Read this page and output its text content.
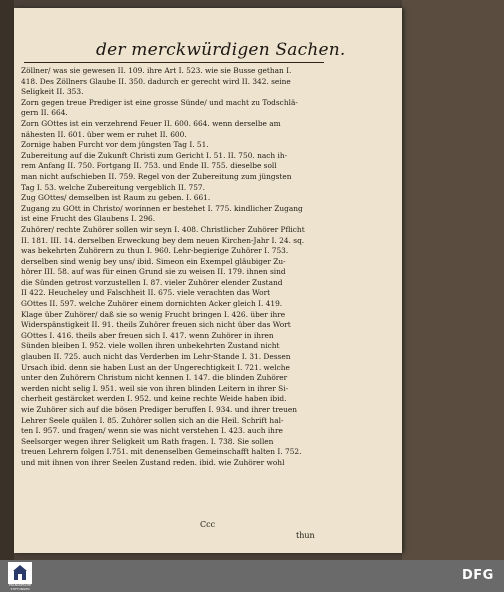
der merckwürdigen Sachen.
Zöllner/ was sie gewesen II. 109. ihre Art I. 523. wie sie Busse gethan I.
418. Des Zöllners Glaube II. 350. dadurch er gerecht wird II. 342. seine
Seligkeit II. 353.
Zorn gegen treue Prediger ist eine grosse Sünde/ und macht zu Todschlä-
gern II. 664.
Zorn GOttes ist ein verzehrend Feuer II. 600. 664. wenn derselbe am
nähesten II. 601. über wem er ruhet II. 600.
Zornige haben Furcht vor dem jüngsten Tag I. 51.
Zubereitung auf die Zukunft Christi zum Gericht I. 51. II. 750. nach ih-
rem Anfang II. 750. Fortgang II. 753. und Ende II. 755. dieselbe soll
man nicht aufschieben II. 759. Regel von der Zubereitung zum jüngsten
Tag I. 53. welche Zubereitung vergeblich II. 757.
Zug GOttes/ demselben ist Raum zu geben. I. 661.
Zugang zu GOtt in Christo/ worinnen er bestehet I. 775. kindlicher Zugang
ist eine Frucht des Glaubens I. 296.
Zuhörer/ rechte Zuhörer sollen wir seyn I. 408. Christlicher Zuhörer Pflicht
II. 181. III. 14. derselben Erweckung bey dem neuen Kirchen-Jahr I. 24. sq.
was bekehrten Zuhörern zu thun I. 960. Lehr-begierige Zuhörer I. 753.
derselben sind wenig bey uns/ ibid. Simeon ein Exempel gläubiger Zu-
hörer III. 58. auf was für einen Grund sie zu weisen II. 179. ihnen sind
die Sünden getrost vorzustellen I. 87. vieler Zuhörer elender Zustand
II 422. Heucheley und Falschheit II. 675. viele verachten das Wort
GOttes II. 597. welche Zuhörer einem dornichten Acker gleich I. 419.
Klage über Zuhörer/ daß sie so wenig Frucht bringen I. 426. über ihre
Widerspänstigkeit II. 91. theils Zuhörer freuen sich nicht über das Wort
GOttes I. 416. theils aber freuen sich I. 417. wenn Zuhörer in ihren
Sünden bleiben I. 952. viele wollen ihren unbekehrten Zustand nicht
glauben II. 725. auch nicht das Verderben im Lehr-Stande I. 31. Dessen
Ursach ibid. denn sie haben Lust an der Ungerechtigkeit I. 721. welche
unter den Zuhörern Christum nicht kennen I. 147. die blinden Zuhörer
werden nicht selig I. 951. weil sie von ihren blinden Leitern in ihrer Si-
cherheit gestärcket werden I. 952. und keine rechte Weide haben ibid.
wie Zuhörer sich auf die bösen Prediger beruffen I. 934. und ihrer treuen
Lehrer Seele quälen I. 85. Zuhörer sollen sich an die Heil. Schrift hal-
ten I. 957. und fragen/ wenn sie was nicht verstehen I. 423. auch ihre
Seelsorger wegen ihrer Seligkeit um Rath fragen. I. 738. Sie sollen
treuen Lehrern folgen I.751. mit denenselben Gemeinschafft halten I. 752.
und mit ihnen von ihrer Seelen Zustand reden. ibid. wie Zuhörer wohl
Ccc
thun
FRANCKESCHE STIFTUNGEN
DFG
